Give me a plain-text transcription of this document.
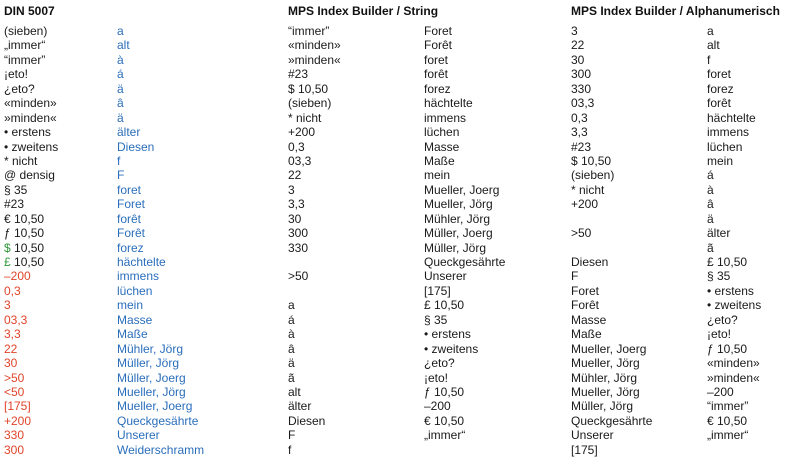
DIN 5007	MPS Index Builder / String	MPS Index Builder / Alphanumerisch
(sieben)
„immer“
“immer”
¡eto!
¿eto?
«minden»
»minden«
• erstens
• zweitens
* nicht
@ densig
§ 35
#23
€ 10,50
ƒ 10,50
$ 10,50
£ 10,50
–200
0,3
3
03,3
3,3
22
30
>50
<50
[175]
+200
330
300
a
alt
à
á
ä
â
ä
älter
Diesen
f
F
foret
Foret
forêt
Forêt
forez
hächtelte
immens
lüchen
mein
Masse
Maße
Mühler, Jörg
Müller, Jörg
Müller, Joerg
Mueller, Jörg
Mueller, Joerg
Queckgesährte
Unserer
Weiderschramm
“immer”
«minden»
»minden«
#23
$ 10,50
(sieben)
* nicht
+200
0,3
03,3
22
3
3,3
30
300
330
>50
a
á
à
â
ä
ã
alt
älter
Diesen
F
f
Foret
Forêt
foret
forêt
forez
hächtelte
immens
lüchen
Masse
Maße
mein
Mueller, Joerg
Mueller, Jörg
Mühler, Jörg
Müller, Joerg
Müller, Jörg
Queckgesährte
Unserer
[175]
£ 10,50
§ 35
• erstens
• zweitens
¿eto?
¡eto!
ƒ 10,50
–200
€ 10,50
„immer“
3
22
30
300
330
03,3
0,3
3,3
#23
$ 10,50
(sieben)
* nicht
+200
>50
Diesen
F
Foret
Forêt
Masse
Maße
Mueller, Joerg
Mueller, Jörg
Mühler, Jörg
Mueller, Jörg
Müller, Jörg
Queckgesährte
Unserer
[175]
a
alt
f
foret
forez
forêt
hächtelte
immens
lüchen
mein
á
à
â
ä
älter
ã
£ 10,50
§ 35
• erstens
• zweitens
¿eto?
¡eto!
ƒ 10,50
«minden»
»minden«
–200
“immer”
€ 10,50
„immer“
